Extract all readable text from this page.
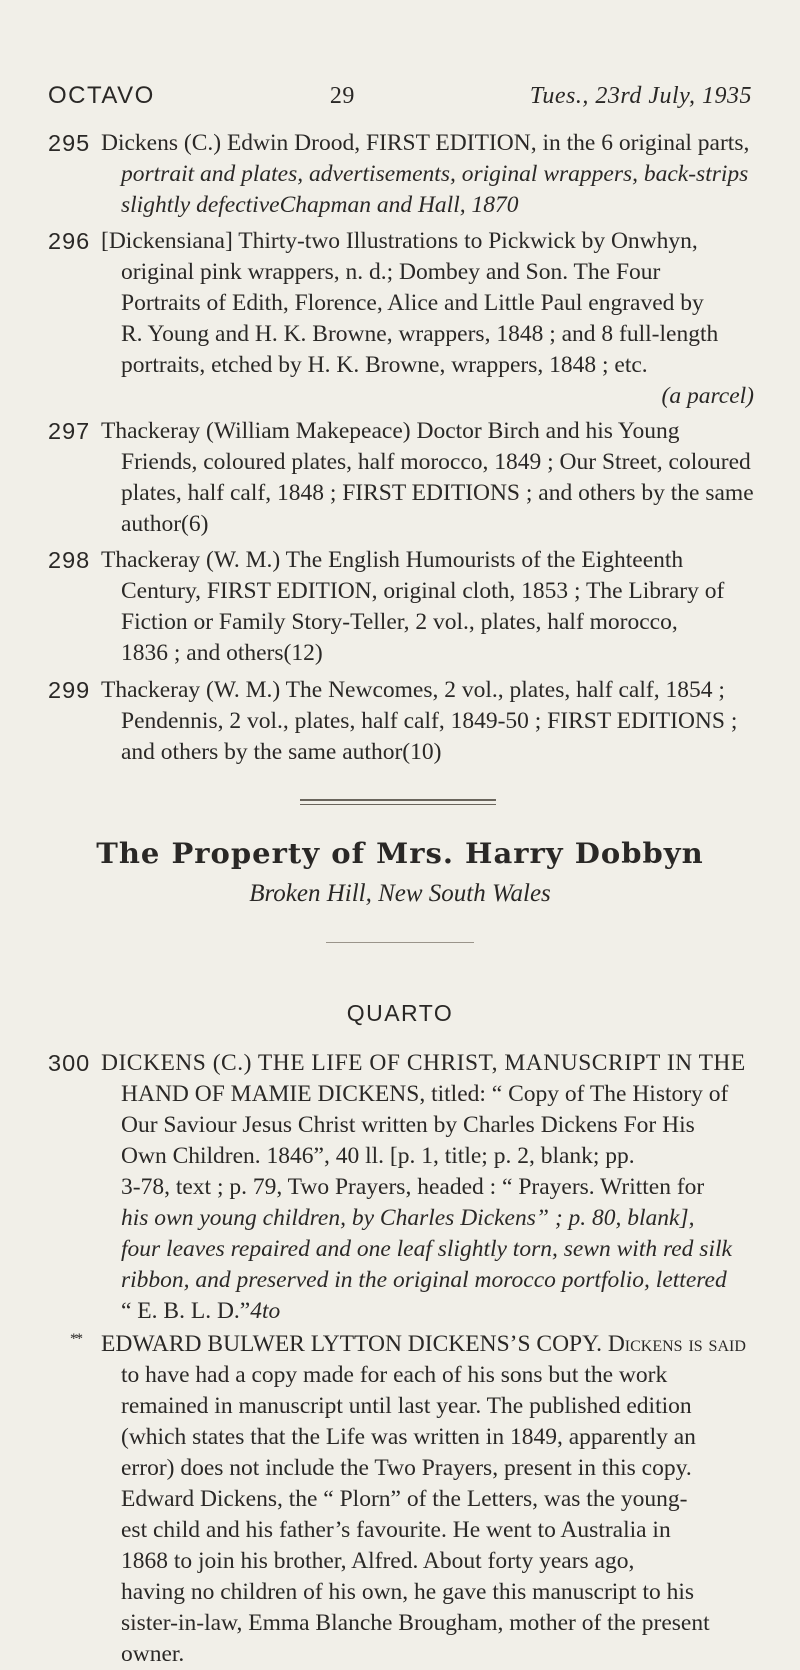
OCTAVO	29	Tues., 23rd July, 1935
295 Dickens (C.) Edwin Drood, FIRST EDITION, in the 6 original parts,
portrait and plates, advertisements, original wrappers, back-strips
slightly defectiveChapman and Hall, 1870
296 [Dickensiana] Thirty-two Illustrations to Pickwick by Onwhyn,
original pink wrappers, n. d.; Dombey and Son. The Four
Portraits of Edith, Florence, Alice and Little Paul engraved by
R. Young and H. K. Browne, wrappers, 1848 ; and 8 full-length
portraits, etched by H. K. Browne, wrappers, 1848 ; etc.
(a parcel)
297 Thackeray (William Makepeace) Doctor Birch and his Young
Friends, coloured plates, half morocco, 1849 ; Our Street, coloured
plates, half calf, 1848 ; FIRST EDITIONS ; and others by the same
author(6)
298 Thackeray (W. M.) The English Humourists of the Eighteenth
Century, FIRST EDITION, original cloth, 1853 ; The Library of
Fiction or Family Story-Teller, 2 vol., plates, half morocco,
1836 ; and others(12)
299 Thackeray (W. M.) The Newcomes, 2 vol., plates, half calf, 1854 ;
Pendennis, 2 vol., plates, half calf, 1849-50 ; FIRST EDITIONS ;
and others by the same author(10)
The Property of Mrs. Harry Dobbyn
Broken Hill, New South Wales
QUARTO
300 DICKENS (C.) THE LIFE OF CHRIST, MANUSCRIPT IN THE
HAND OF MAMIE DICKENS, titled: “ Copy of The History of
Our Saviour Jesus Christ written by Charles Dickens For His
Own Children. 1846”, 40 ll. [p. 1, title; p. 2, blank; pp.
3-78, text ; p. 79, Two Prayers, headed : “ Prayers. Written for
his own young children, by Charles Dickens” ; p. 80, blank],
four leaves repaired and one leaf slightly torn, sewn with red silk
ribbon, and preserved in the original morocco portfolio, lettered
“ E. B. L. D.”4to
** EDWARD BULWER LYTTON DICKENS’S COPY. Dickens is said
to have had a copy made for each of his sons but the work
remained in manuscript until last year. The published edition
(which states that the Life was written in 1849, apparently an
error) does not include the Two Prayers, present in this copy.
Edward Dickens, the “ Plorn” of the Letters, was the young-
est child and his father’s favourite. He went to Australia in
1868 to join his brother, Alfred. About forty years ago,
having no children of his own, he gave this manuscript to his
sister-in-law, Emma Blanche Brougham, mother of the present
owner.
